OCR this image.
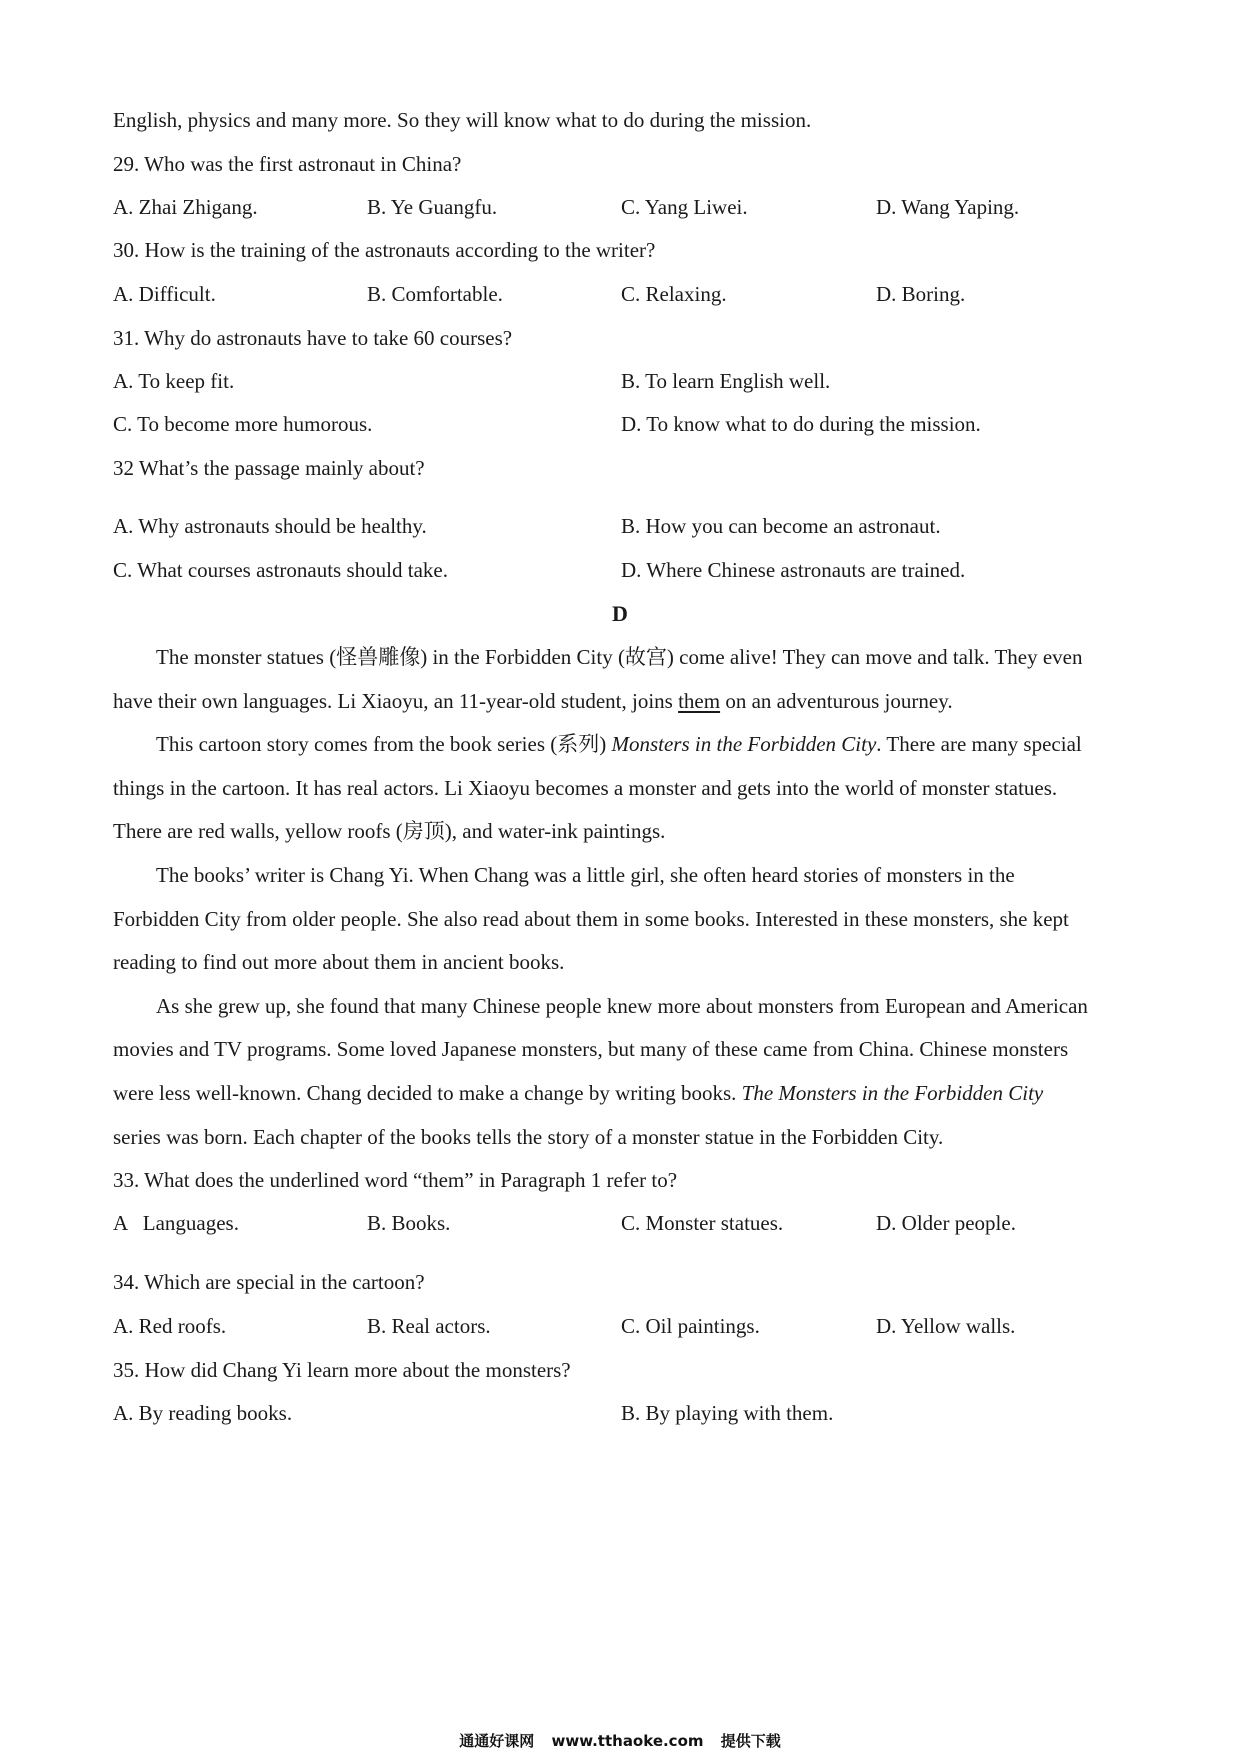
English, physics and many more. So they will know what to do during the mission.
29. Who was the first astronaut in China?
A. Zhai Zhigang.	B. Ye Guangfu.	C. Yang Liwei.	D. Wang Yaping.
30. How is the training of the astronauts according to the writer?
A. Difficult.	B. Comfortable.	C. Relaxing.	D. Boring.
31. Why do astronauts have to take 60 courses?
A. To keep fit.	B. To learn English well.
C. To become more humorous.	D. To know what to do during the mission.
32 What’s the passage mainly about?
A. Why astronauts should be healthy.	B. How you can become an astronaut.
C. What courses astronauts should take.	D. Where Chinese astronauts are trained.
D
The monster statues (怪兽雕像) in the Forbidden City (故宫) come alive! They can move and talk. They even
have their own languages. Li Xiaoyu, an 11-year-old student, joins them on an adventurous journey.
This cartoon story comes from the book series (系列) Monsters in the Forbidden City. There are many special
things in the cartoon. It has real actors. Li Xiaoyu becomes a monster and gets into the world of monster statues.
There are red walls, yellow roofs (房顶), and water-ink paintings.
The books’ writer is Chang Yi. When Chang was a little girl, she often heard stories of monsters in the
Forbidden City from older people. She also read about them in some books. Interested in these monsters, she kept
reading to find out more about them in ancient books.
As she grew up, she found that many Chinese people knew more about monsters from European and American
movies and TV programs. Some loved Japanese monsters, but many of these came from China. Chinese monsters
were less well-known. Chang decided to make a change by writing books. The Monsters in the Forbidden City
series was born. Each chapter of the books tells the story of a monster statue in the Forbidden City.
33. What does the underlined word “them” in Paragraph 1 refer to?
A   Languages.	B. Books.	C. Monster statues.	D. Older people.
34. Which are special in the cartoon?
A. Red roofs.	B. Real actors.	C. Oil paintings.	D. Yellow walls.
35. How did Chang Yi learn more about the monsters?
A. By reading books.	B. By playing with them.
通通好课网 www.tthaoke.com 提供下载
